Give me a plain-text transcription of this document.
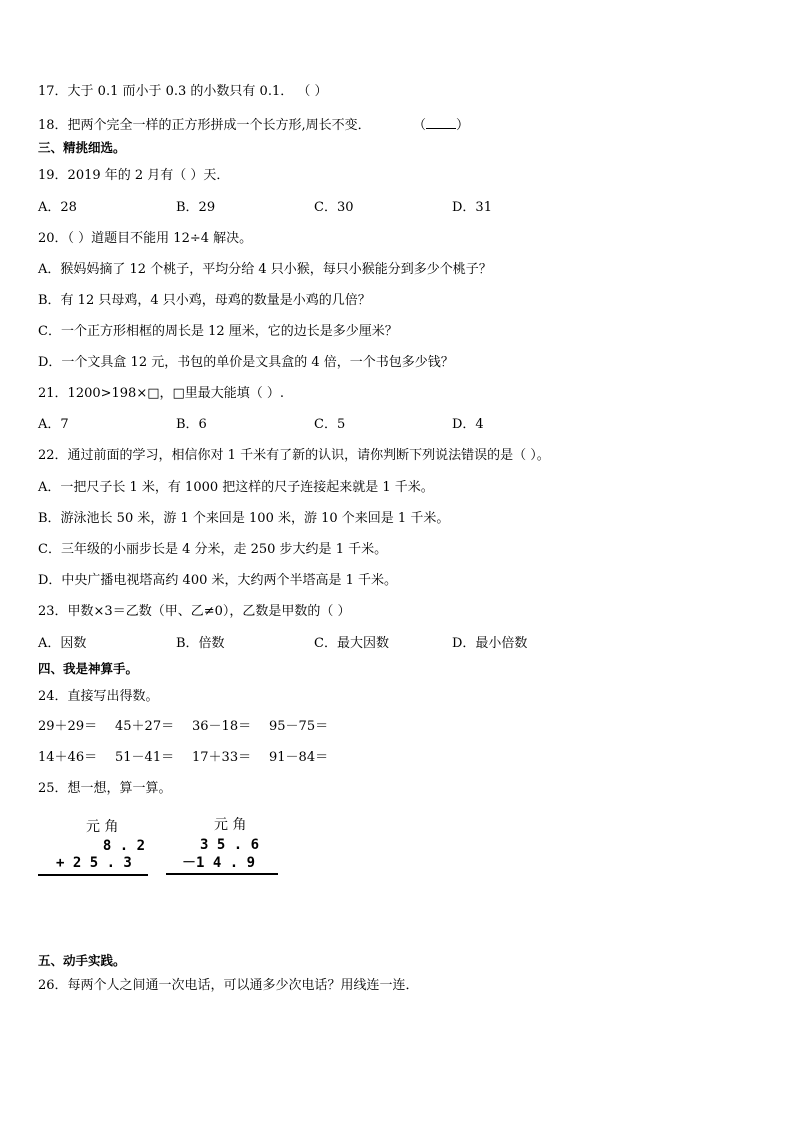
17．大于 0.1 而小于 0.3 的小数只有 0.1． （ ）
18．把两个完全一样的正方形拼成一个长方形,周长不变．	（ ）
三、精挑细选。
19．2019 年的 2 月有（ ）天．
A．28	B．29	C．30	D．31
20．（ ）道题目不能用 12÷4 解决。
A．猴妈妈摘了 12 个桃子，平均分给 4 只小猴，每只小猴能分到多少个桃子？
B．有 12 只母鸡，4 只小鸡，母鸡的数量是小鸡的几倍？
C．一个正方形相框的周长是 12 厘米，它的边长是多少厘米？
D．一个文具盒 12 元，书包的单价是文具盒的 4 倍，一个书包多少钱？
21．1200>198×□，□里最大能填（ ）.
A．7	B．6	C．5	D．4
22．通过前面的学习，相信你对 1 千米有了新的认识，请你判断下列说法错误的是（ ）。
A．一把尺子长 1 米，有 1000 把这样的尺子连接起来就是 1 千米。
B．游泳池长 50 米，游 1 个来回是 100 米，游 10 个来回是 1 千米。
C．三年级的小丽步长是 4 分米，走 250 步大约是 1 千米。
D．中央广播电视塔高约 400 米，大约两个半塔高是 1 千米。
23．甲数×3＝乙数（甲、乙≠0），乙数是甲数的（ ）
A．因数	B．倍数	C．最大因数	D．最小倍数
四、我是神算手。
24．直接写出得数。
29＋29＝ 45＋27＝ 36－18＝ 95－75＝
14＋46＝ 51－41＝ 17＋33＝ 91－84＝
25．想一想，算一算。
元 角
8 . 2
+ 2 5 . 3
元 角
3 5 . 6
－1 4 . 9
五、动手实践。
26．每两个人之间通一次电话，可以通多少次电话？用线连一连．
